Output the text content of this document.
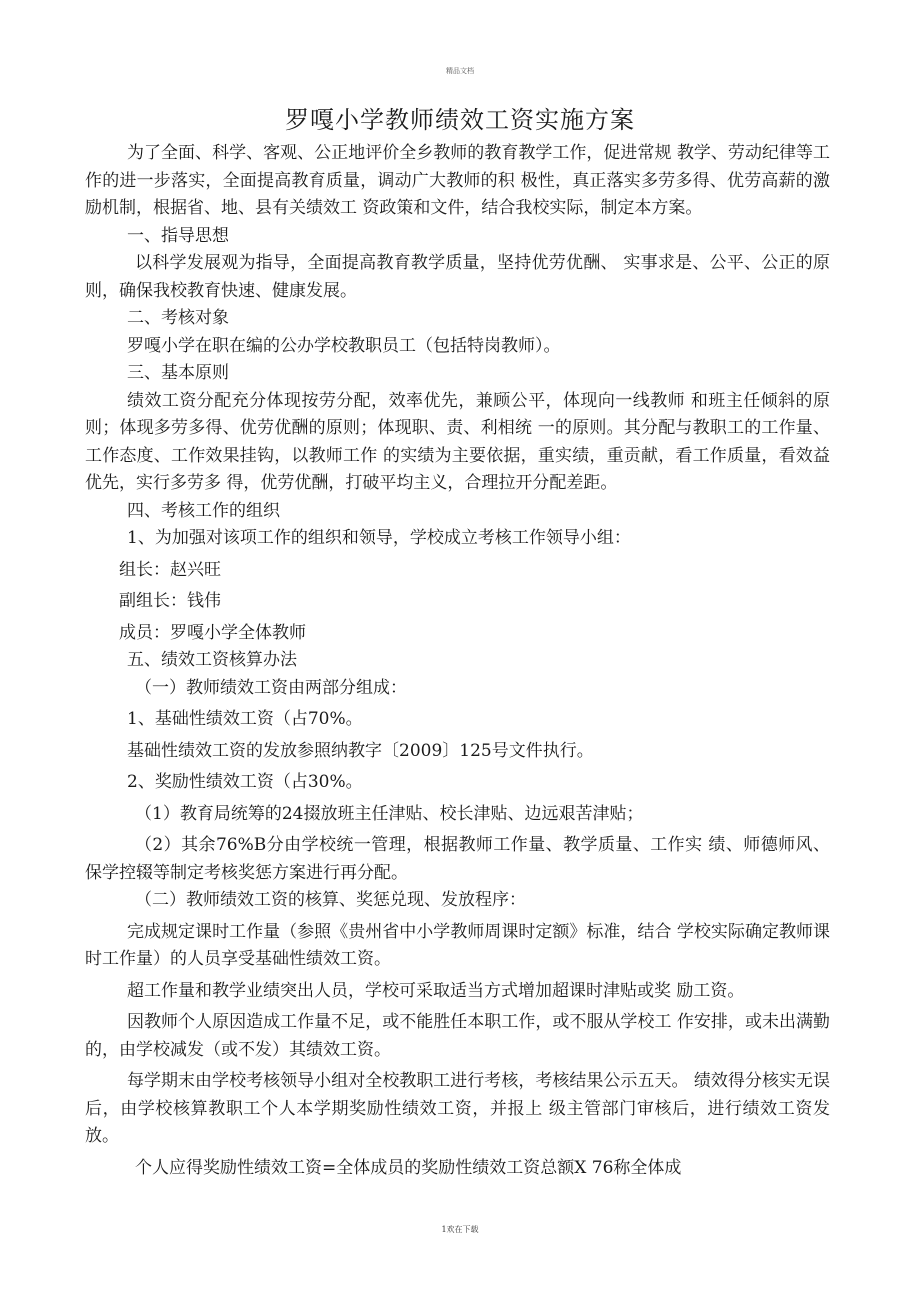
精品文档
罗嘎小学教师绩效工资实施方案

为了全面、科学、客观、公正地评价全乡教师的教育教学工作，促进常规 教学、劳动纪律等工作的进一步落实，全面提高教育质量，调动广大教师的积 极性，真正落实多劳多得、优劳高薪的激励机制，根据省、地、县有关绩效工 资政策和文件，结合我校实际，制定本方案。

一、指导思想

以科学发展观为指导，全面提高教育教学质量，坚持优劳优酬、 实事求是、公平、公正的原则，确保我校教育快速、健康发展。

二、考核对象

罗嘎小学在职在编的公办学校教职员工（包括特岗教师）。

三、基本原则

绩效工资分配充分体现按劳分配，效率优先，兼顾公平，体现向一线教师 和班主任倾斜的原则；体现多劳多得、优劳优酬的原则；体现职、责、利相统 一的原则。其分配与教职工的工作量、工作态度、工作效果挂钩，以教师工作 的实绩为主要依据，重实绩，重贡献，看工作质量，看效益优先，实行多劳多 得，优劳优酬，打破平均主义，合理拉开分配差距。

四、考核工作的组织

1、为加强对该项工作的组织和领导，学校成立考核工作领导小组：

组长：赵兴旺

副组长：钱伟

成员：罗嘎小学全体教师

五、绩效工资核算办法

（一）教师绩效工资由两部分组成：

1、基础性绩效工资（占70%。

基础性绩效工资的发放参照纳教字〔2009〕125号文件执行。

2、奖励性绩效工资（占30%。

（1）教育局统筹的24掇放班主任津贴、校长津贴、边远艰苦津贴；

（2）其余76%B分由学校统一管理，根据教师工作量、教学质量、工作实 绩、师德师风、保学控辍等制定考核奖惩方案进行再分配。

（二）教师绩效工资的核算、奖惩兑现、发放程序：

完成规定课时工作量（参照《贵州省中小学教师周课时定额》标准，结合 学校实际确定教师课时工作量）的人员享受基础性绩效工资。

超工作量和教学业绩突出人员，学校可采取适当方式增加超课时津贴或奖 励工资。

因教师个人原因造成工作量不足，或不能胜任本职工作，或不服从学校工 作安排，或未出满勤的，由学校减发（或不发）其绩效工资。

每学期末由学校考核领导小组对全校教职工进行考核，考核结果公示五天。 绩效得分核实无误后，由学校核算教职工个人本学期奖励性绩效工资，并报上 级主管部门审核后，进行绩效工资发放。

个人应得奖励性绩效工资=全体成员的奖励性绩效工资总额X 76称全体成

1欢在下载
